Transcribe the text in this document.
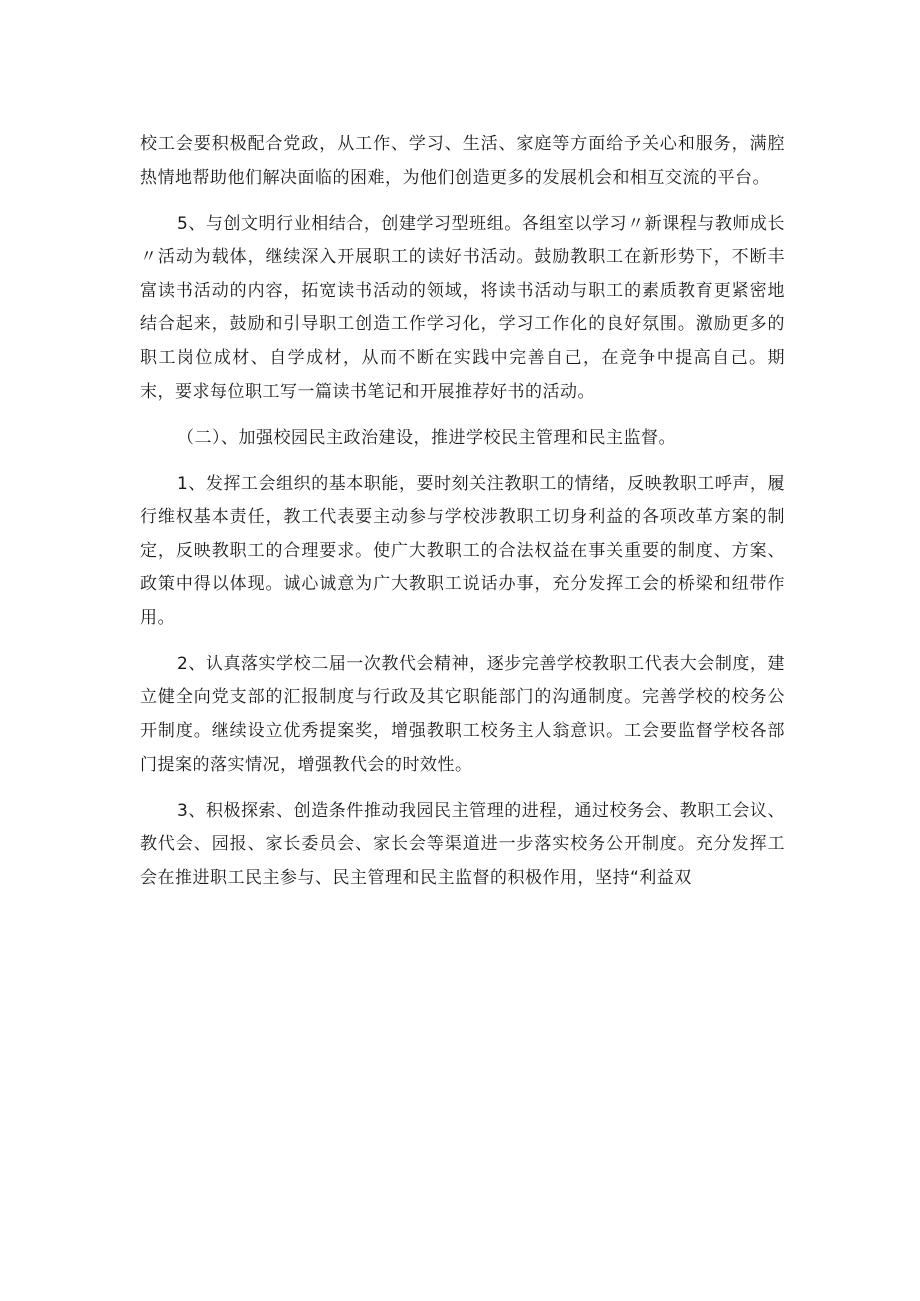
校工会要积极配合党政，从工作、学习、生活、家庭等方面给予关心和服务，满腔热情地帮助他们解决面临的困难，为他们创造更多的发展机会和相互交流的平台。

5、与创文明行业相结合，创建学习型班组。各组室以学习〃新课程与教师成长〃活动为载体，继续深入开展职工的读好书活动。鼓励教职工在新形势下，不断丰富读书活动的内容，拓宽读书活动的领域，将读书活动与职工的素质教育更紧密地结合起来，鼓励和引导职工创造工作学习化，学习工作化的良好氛围。激励更多的职工岗位成材、自学成材，从而不断在实践中完善自己，在竞争中提高自己。期末，要求每位职工写一篇读书笔记和开展推荐好书的活动。

（二）、加强校园民主政治建设，推进学校民主管理和民主监督。

1、发挥工会组织的基本职能，要时刻关注教职工的情绪，反映教职工呼声，履行维权基本责任，教工代表要主动参与学校涉教职工切身利益的各项改革方案的制定，反映教职工的合理要求。使广大教职工的合法权益在事关重要的制度、方案、政策中得以体现。诚心诚意为广大教职工说话办事，充分发挥工会的桥梁和纽带作用。

2、认真落实学校二届一次教代会精神，逐步完善学校教职工代表大会制度，建立健全向党支部的汇报制度与行政及其它职能部门的沟通制度。完善学校的校务公开制度。继续设立优秀提案奖，增强教职工校务主人翁意识。工会要监督学校各部门提案的落实情况，增强教代会的时效性。

3、积极探索、创造条件推动我园民主管理的进程，通过校务会、教职工会议、教代会、园报、家长委员会、家长会等渠道进一步落实校务公开制度。充分发挥工会在推进职工民主参与、民主管理和民主监督的积极作用，坚持“利益双
